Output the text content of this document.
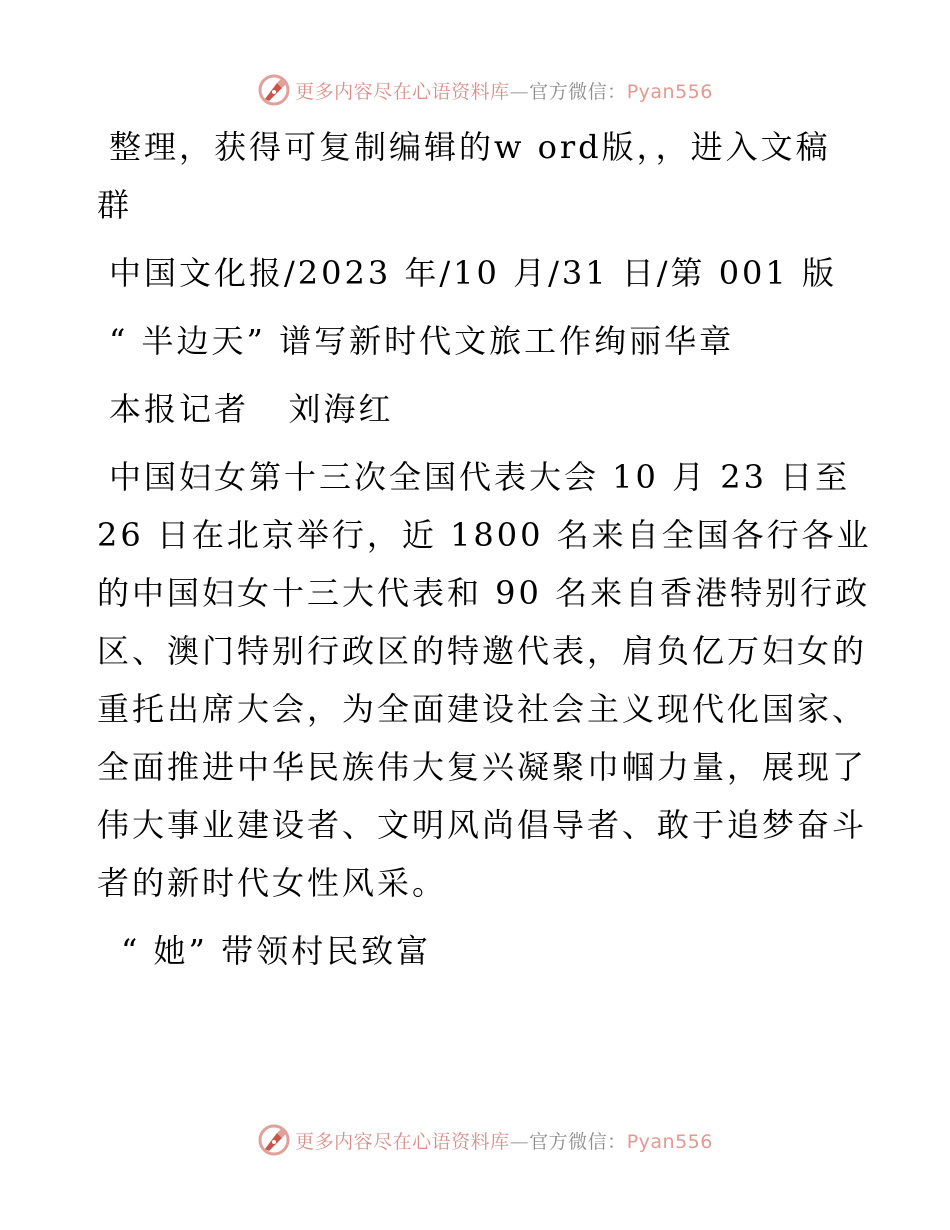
更多内容尽在心语资料库—官方微信：Pyan556
整理，获得可复制编辑的w ord版，，进入文稿
群
中国文化报/2023 年/10 月/31 日/第 001 版
“ 半边天” 谱写新时代文旅工作绚丽华章
本报记者   刘海红
中国妇女第十三次全国代表大会 10 月 23 日至
26 日在北京举行，近 1800 名来自全国各行各业
的中国妇女十三大代表和 90 名来自香港特别行政
区、澳门特别行政区的特邀代表，肩负亿万妇女的
重托出席大会，为全面建设社会主义现代化国家、
全面推进中华民族伟大复兴凝聚巾帼力量，展现了
伟大事业建设者、文明风尚倡导者、敢于追梦奋斗
者的新时代女性风采。
“ 她” 带领村民致富
更多内容尽在心语资料库—官方微信：Pyan556
